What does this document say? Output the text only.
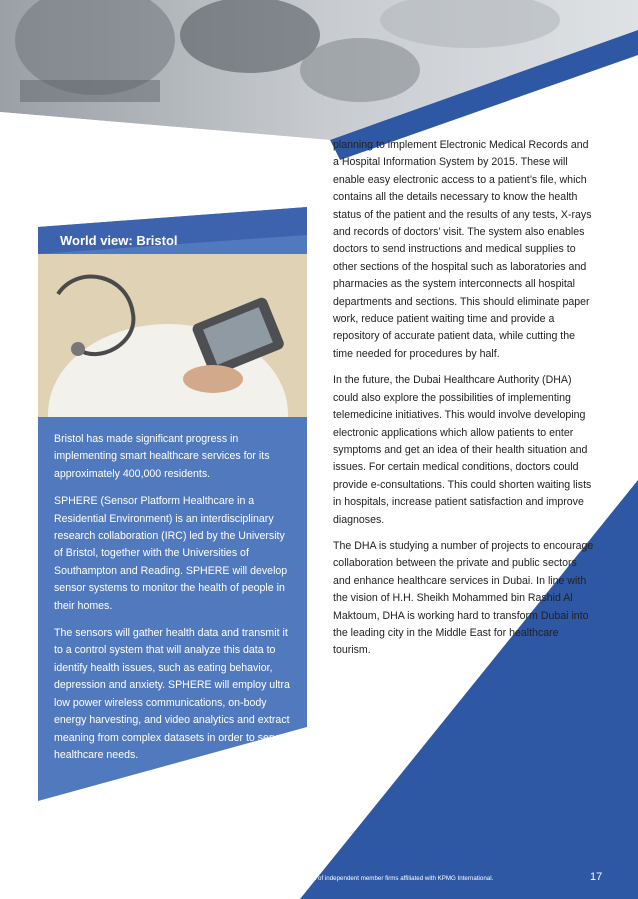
World view: Bristol

Bristol has made significant progress in implementing smart healthcare services for its approximately 400,000 residents.

SPHERE (Sensor Platform Healthcare in a Residential Environment) is an interdisciplinary research collaboration (IRC) led by the University of Bristol, together with the Universities of Southampton and Reading. SPHERE will develop sensor systems to monitor the health of people in their homes.

The sensors will gather health data and transmit it to a control system that will analyze this data to identify health issues, such as eating behavior, depression and anxiety. SPHERE will employ ultra low power wireless communications, on-body energy harvesting, and video analytics and extract meaning from complex datasets in order to serve healthcare needs.

planning to implement Electronic Medical Records and a Hospital Information System by 2015. These will enable easy electronic access to a patient’s file, which contains all the details necessary to know the health status of the patient and the results of any tests, X-rays and records of doctors’ visit. The system also enables doctors to send instructions and medical supplies to other sections of the hospital such as laboratories and pharmacies as the system interconnects all hospital departments and sections. This should eliminate paper work, reduce patient waiting time and provide a repository of accurate patient data, while cutting the time needed for procedures by half.

In the future, the Dubai Healthcare Authority (DHA) could also explore the possibilities of implementing telemedicine initiatives. This would involve developing electronic applications which allow patients to enter symptoms and get an idea of their health situation and issues. For certain medical conditions, doctors could provide e-consultations. This could shorten waiting lists in hospitals, increase patient satisfaction and improve diagnoses.

The DHA is studying a number of projects to encourage collaboration between the private and public sectors and enhance healthcare services in Dubai. In line with the vision of H.H. Sheikh Mohammed bin Rashid Al Maktoum, DHA is working hard to transform Dubai into the leading city in the Middle East for healthcare tourism.

© 2015 KPMG, KPMG LLP and KPMG Lower Gulf Limited, member firms of the KPMG network of independent member firms affiliated with KPMG International.	17
